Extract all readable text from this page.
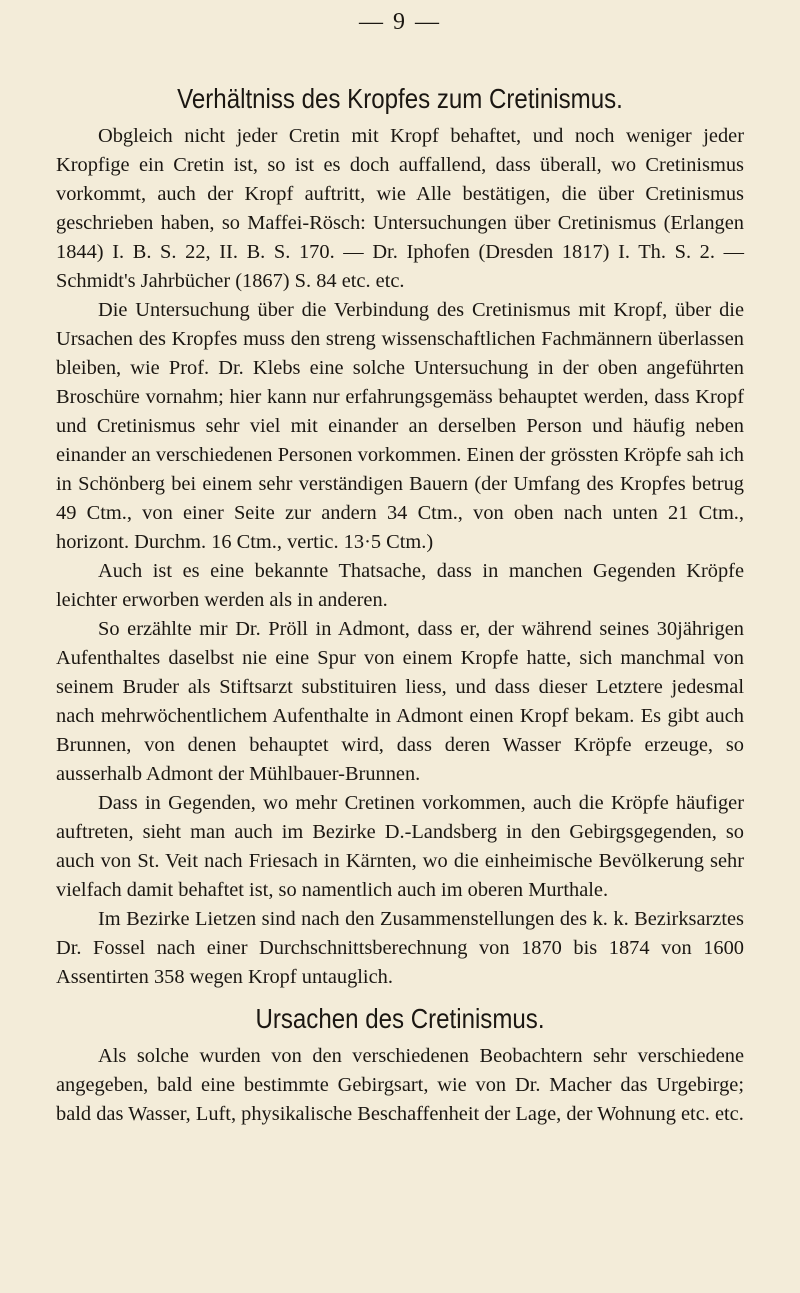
— 9 —
Verhältniss des Kropfes zum Cretinismus.

Obgleich nicht jeder Cretin mit Kropf behaftet, und noch weniger jeder Kropfige ein Cretin ist, so ist es doch auffallend, dass überall, wo Cretinismus vorkommt, auch der Kropf auftritt, wie Alle bestätigen, die über Cretinismus geschrieben haben, so Maffei-Rösch: Untersuchungen über Cretinismus (Erlangen 1844) I. B. S. 22, II. B. S. 170. — Dr. Iphofen (Dresden 1817) I. Th. S. 2. — Schmidt's Jahrbücher (1867) S. 84 etc. etc.

Die Untersuchung über die Verbindung des Cretinismus mit Kropf, über die Ursachen des Kropfes muss den streng wissenschaftlichen Fachmännern überlassen bleiben, wie Prof. Dr. Klebs eine solche Untersuchung in der oben angeführten Broschüre vornahm; hier kann nur erfahrungsgemäss behauptet werden, dass Kropf und Cretinismus sehr viel mit einander an derselben Person und häufig neben einander an verschiedenen Personen vorkommen. Einen der grössten Kröpfe sah ich in Schönberg bei einem sehr verständigen Bauern (der Umfang des Kropfes betrug 49 Ctm., von einer Seite zur andern 34 Ctm., von oben nach unten 21 Ctm., horizont. Durchm. 16 Ctm., vertic. 13·5 Ctm.)

Auch ist es eine bekannte Thatsache, dass in manchen Gegenden Kröpfe leichter erworben werden als in anderen.

So erzählte mir Dr. Pröll in Admont, dass er, der während seines 30jährigen Aufenthaltes daselbst nie eine Spur von einem Kropfe hatte, sich manchmal von seinem Bruder als Stiftsarzt substituiren liess, und dass dieser Letztere jedesmal nach mehrwöchentlichem Aufenthalte in Admont einen Kropf bekam. Es gibt auch Brunnen, von denen behauptet wird, dass deren Wasser Kröpfe erzeuge, so ausserhalb Admont der Mühlbauer-Brunnen.

Dass in Gegenden, wo mehr Cretinen vorkommen, auch die Kröpfe häufiger auftreten, sieht man auch im Bezirke D.-Landsberg in den Gebirgsgegenden, so auch von St. Veit nach Friesach in Kärnten, wo die einheimische Bevölkerung sehr vielfach damit behaftet ist, so namentlich auch im oberen Murthale.

Im Bezirke Lietzen sind nach den Zusammenstellungen des k. k. Bezirksarztes Dr. Fossel nach einer Durchschnittsberechnung von 1870 bis 1874 von 1600 Assentirten 358 wegen Kropf untauglich.

Ursachen des Cretinismus.

Als solche wurden von den verschiedenen Beobachtern sehr verschiedene angegeben, bald eine bestimmte Gebirgsart, wie von Dr. Macher das Urgebirge; bald das Wasser, Luft, physikalische Beschaffenheit der Lage, der Wohnung etc. etc.
